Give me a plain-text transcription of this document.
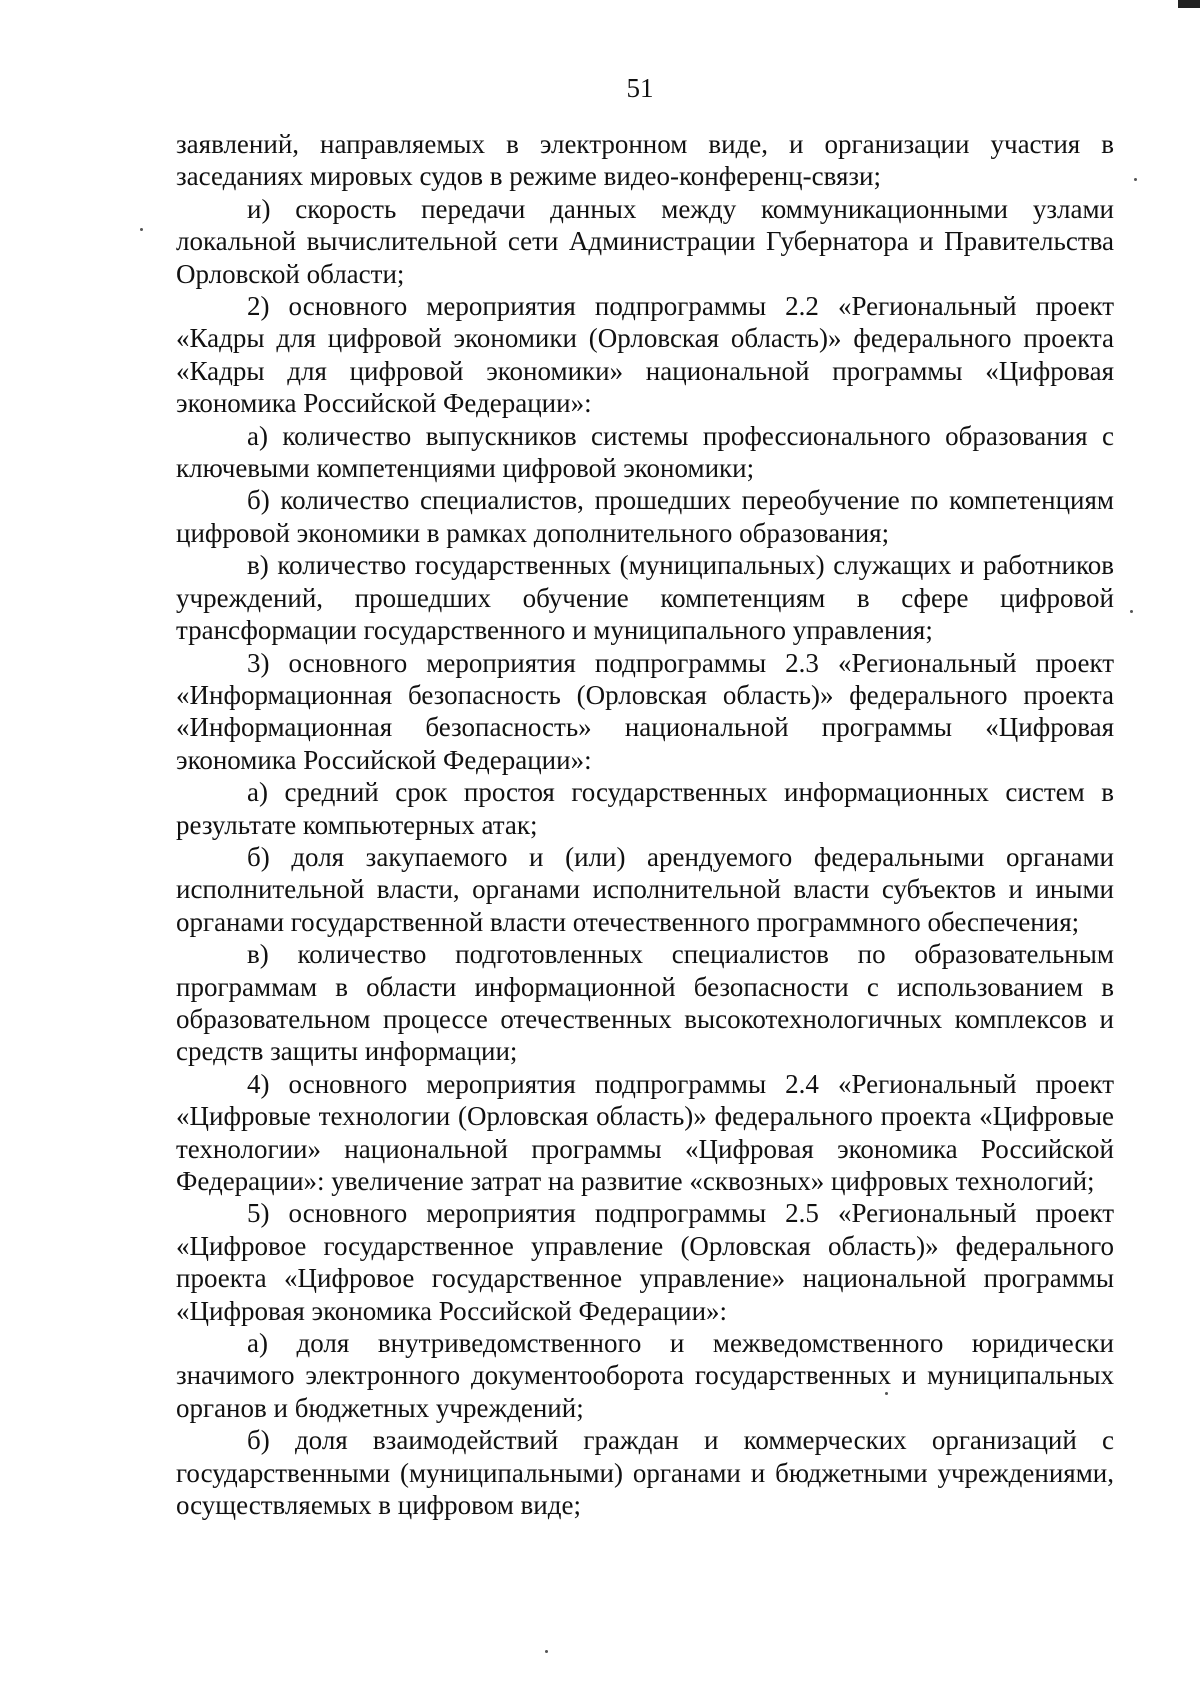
51

заявлений, направляемых в электронном виде, и организации участия в заседаниях мировых судов в режиме видео-конференц-связи;

и) скорость передачи данных между коммуникационными узлами локальной вычислительной сети Администрации Губернатора и Правительства Орловской области;

2) основного мероприятия подпрограммы 2.2 «Региональный проект «Кадры для цифровой экономики (Орловская область)» федерального проекта «Кадры для цифровой экономики» национальной программы «Цифровая экономика Российской Федерации»:

а) количество выпускников системы профессионального образования с ключевыми компетенциями цифровой экономики;

б) количество специалистов, прошедших переобучение по компетенциям цифровой экономики в рамках дополнительного образования;

в) количество государственных (муниципальных) служащих и работников учреждений, прошедших обучение компетенциям в сфере цифровой трансформации государственного и муниципального управления;

3) основного мероприятия подпрограммы 2.3 «Региональный проект «Информационная безопасность (Орловская область)» федерального проекта «Информационная безопасность» национальной программы «Цифровая экономика Российской Федерации»:

а) средний срок простоя государственных информационных систем в результате компьютерных атак;

б) доля закупаемого и (или) арендуемого федеральными органами исполнительной власти, органами исполнительной власти субъектов и иными органами государственной власти отечественного программного обеспечения;

в) количество подготовленных специалистов по образовательным программам в области информационной безопасности с использованием в образовательном процессе отечественных высокотехнологичных комплексов и средств защиты информации;

4) основного мероприятия подпрограммы 2.4 «Региональный проект «Цифровые технологии (Орловская область)» федерального проекта «Цифровые технологии» национальной программы «Цифровая экономика Российской Федерации»: увеличение затрат на развитие «сквозных» цифровых технологий;

5) основного мероприятия подпрограммы 2.5 «Региональный проект «Цифровое государственное управление (Орловская область)» федерального проекта «Цифровое государственное управление» национальной программы «Цифровая экономика Российской Федерации»:

а) доля внутриведомственного и межведомственного юридически значимого электронного документооборота государственных и муниципальных органов и бюджетных учреждений;

б) доля взаимодействий граждан и коммерческих организаций с государственными (муниципальными) органами и бюджетными учреждениями, осуществляемых в цифровом виде;
